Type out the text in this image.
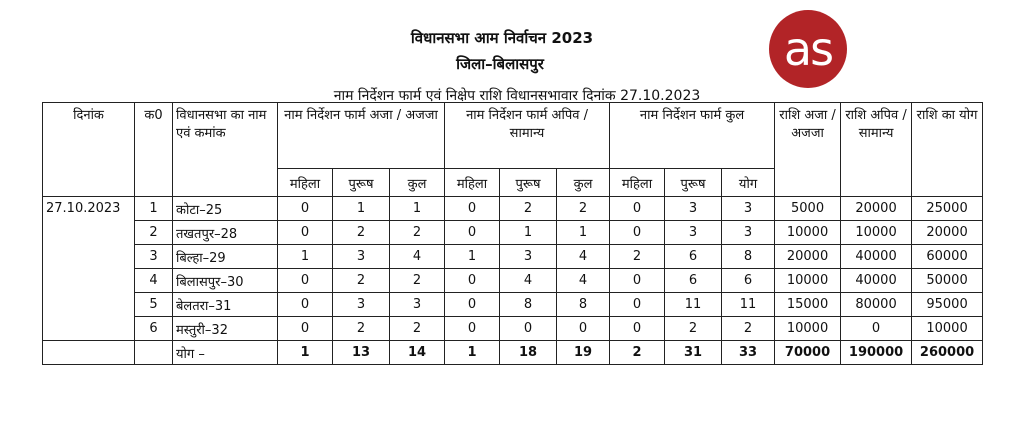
विधानसभा आम निर्वाचन 2023
जिला–बिलासपुर
नाम निर्देशन फार्म एवं निक्षेप राशि विधानसभावार दिनांक 27.10.2023
as
दिनांक	क0	विधानसभा का नाम एवं कमांक	नाम निर्देशन फार्म अजा / अजजा			नाम निर्देशन फार्म अपिव / सामान्य			नाम निर्देशन फार्म कुल			राशि अजा / अजजा	राशि अपिव / सामान्य	राशि का योग
			महिला	पुरूष	कुल	महिला	पुरूष	कुल	महिला	पुरूष	योग			
27.10.2023	1	कोटा–25	0	1	1	0	2	2	0	3	3	5000	20000	25000
	2	तखतपुर–28	0	2	2	0	1	1	0	3	3	10000	10000	20000
	3	बिल्हा–29	1	3	4	1	3	4	2	6	8	20000	40000	60000
	4	बिलासपुर–30	0	2	2	0	4	4	0	6	6	10000	40000	50000
	5	बेलतरा–31	0	3	3	0	8	8	0	11	11	15000	80000	95000
	6	मस्तुरी–32	0	2	2	0	0	0	0	2	2	10000	0	10000
		योग –	1	13	14	1	18	19	2	31	33	70000	190000	260000
